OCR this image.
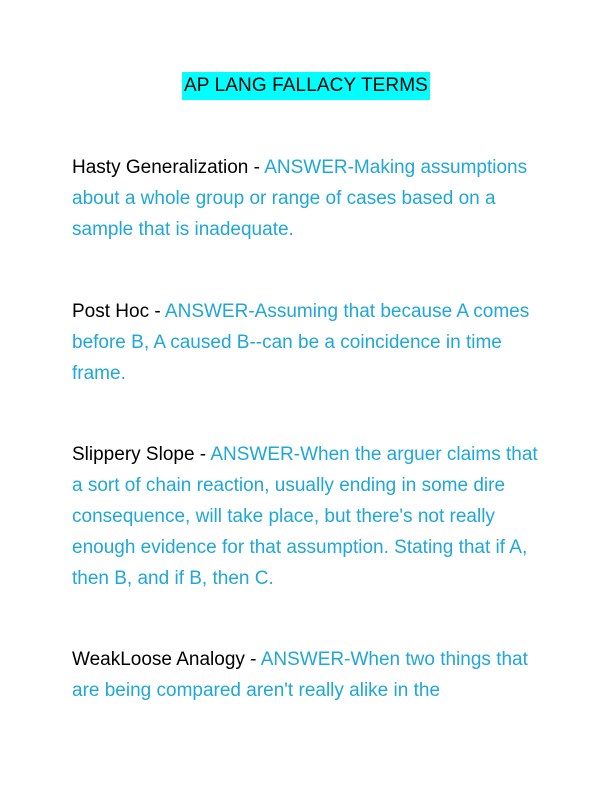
AP LANG FALLACY TERMS
Hasty Generalization - ANSWER-Making assumptions about a whole group or range of cases based on a sample that is inadequate.
Post Hoc - ANSWER-Assuming that because A comes before B, A caused B--can be a coincidence in time frame.
Slippery Slope - ANSWER-When the arguer claims that a sort of chain reaction, usually ending in some dire consequence, will take place, but there's not really enough evidence for that assumption. Stating that if A, then B, and if B, then C.
WeakLoose Analogy - ANSWER-When two things that are being compared aren't really alike in the
